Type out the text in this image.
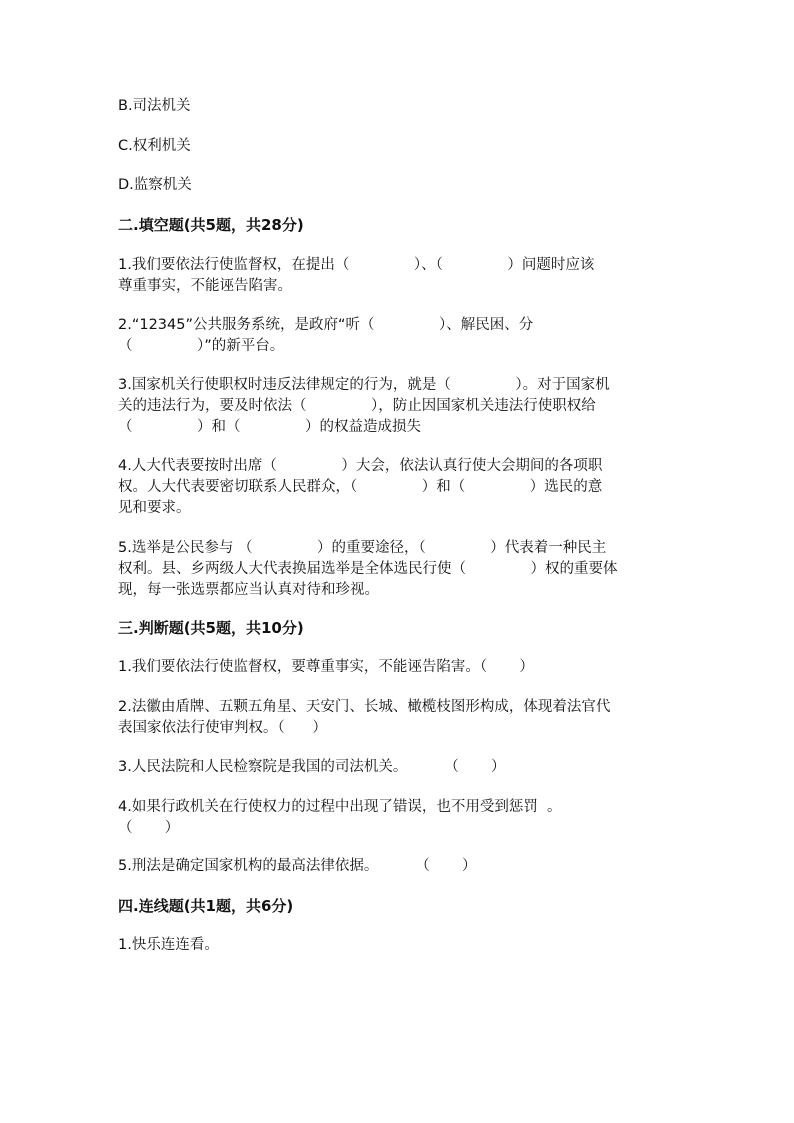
B.司法机关

C.权利机关

D.监察机关

二.填空题(共5题，共28分)

1.我们要依法行使监督权，在提出（              ）、（              ）问题时应该

尊重事实，不能诬告陷害。

2.“12345”公共服务系统，是政府“听（              ）、解民困、分

（              ）”的新平台。

3.国家机关行使职权时违反法律规定的行为，就是（              ）。对于国家机

关的违法行为，要及时依法（              ），防止因国家机关违法行使职权给

（              ）和（              ）的权益造成损失

4.人大代表要按时出席（              ）大会，依法认真行使大会期间的各项职

权。人大代表要密切联系人民群众，（              ）和（              ）选民的意

见和要求。

5.选举是公民参与 （              ）的重要途径，（              ）代表着一种民主

权利。县、乡两级人大代表换届选举是全体选民行使（              ）权的重要体

现，每一张选票都应当认真对待和珍视。

三.判断题(共5题，共10分)

1.我们要依法行使监督权，要尊重事实，不能诬告陷害。（       ）

2.法徽由盾牌、五颗五角星、天安门、长城、橄榄枝图形构成，体现着法官代

表国家依法行使审判权。（      ）

3.人民法院和人民检察院是我国的司法机关。        （       ）

4.如果行政机关在行使权力的过程中出现了错误，也不用受到惩罚  。

（       ）

5.刑法是确定国家机构的最高法律依据。        （       ）

四.连线题(共1题，共6分)

1.快乐连连看。
